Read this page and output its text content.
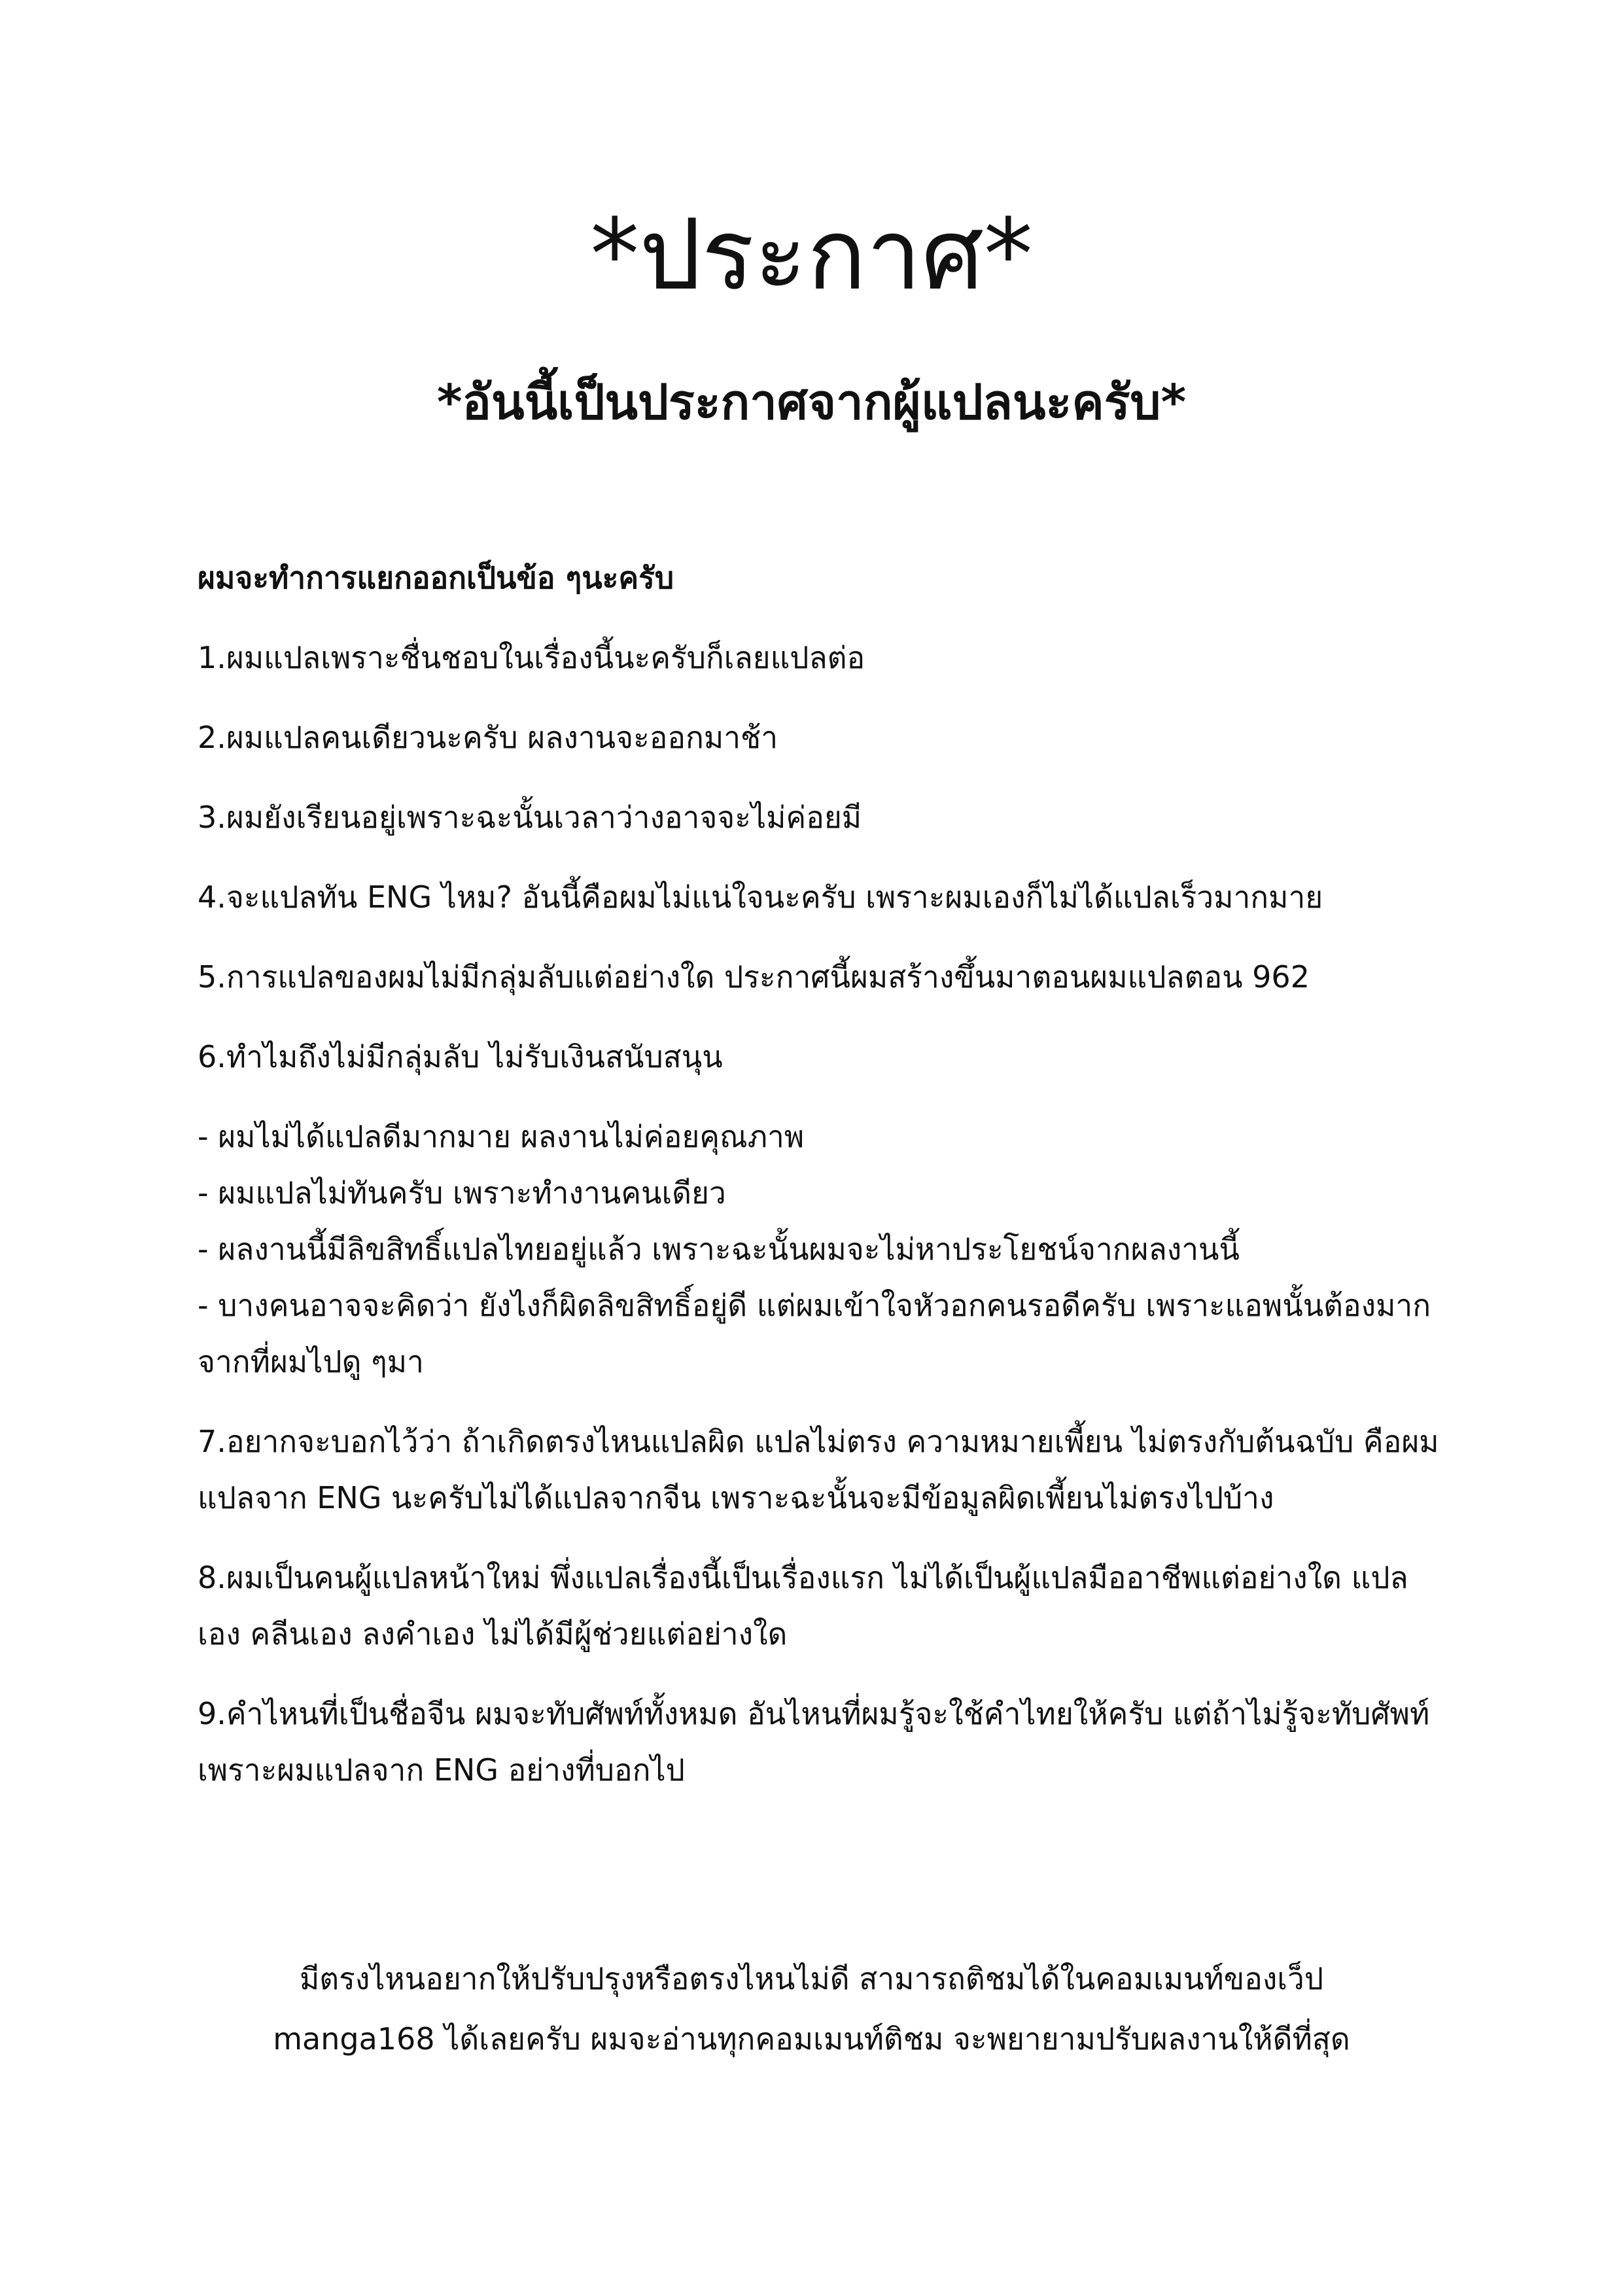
*ประกาศ*
*อันนี้เป็นประกาศจากผู้แปลนะครับ*

ผมจะทำการแยกออกเป็นข้อ ๆนะครับ

1.ผมแปลเพราะชื่นชอบในเรื่องนี้นะครับก็เลยแปลต่อ

2.ผมแปลคนเดียวนะครับ ผลงานจะออกมาช้า

3.ผมยังเรียนอยู่เพราะฉะนั้นเวลาว่างอาจจะไม่ค่อยมี

4.จะแปลทัน ENG ไหม? อันนี้คือผมไม่แน่ใจนะครับ เพราะผมเองก็ไม่ได้แปลเร็วมากมาย

5.การแปลของผมไม่มีกลุ่มลับแต่อย่างใด ประกาศนี้ผมสร้างขึ้นมาตอนผมแปลตอน 962

6.ทำไมถึงไม่มีกลุ่มลับ ไม่รับเงินสนับสนุน

- ผมไม่ได้แปลดีมากมาย ผลงานไม่ค่อยคุณภาพ

- ผมแปลไม่ทันครับ เพราะทำงานคนเดียว

- ผลงานนี้มีลิขสิทธิ์แปลไทยอยู่แล้ว เพราะฉะนั้นผมจะไม่หาประโยชน์จากผลงานนี้

- บางคนอาจจะคิดว่า ยังไงก็ผิดลิขสิทธิ์อยู่ดี แต่ผมเข้าใจหัวอกคนรอดีครับ เพราะแอพนั้นต้องมาก จากที่ผมไปดู ๆมา

7.อยากจะบอกไว้ว่า ถ้าเกิดตรงไหนแปลผิด แปลไม่ตรง ความหมายเพี้ยน ไม่ตรงกับต้นฉบับ คือผมแปลจาก ENG นะครับไม่ได้แปลจากจีน เพราะฉะนั้นจะมีข้อมูลผิดเพี้ยนไม่ตรงไปบ้าง

8.ผมเป็นคนผู้แปลหน้าใหม่ พึ่งแปลเรื่องนี้เป็นเรื่องแรก ไม่ได้เป็นผู้แปลมืออาชีพแต่อย่างใด แปลเอง คลีนเอง ลงคำเอง ไม่ได้มีผู้ช่วยแต่อย่างใด

9.คำไหนที่เป็นชื่อจีน ผมจะทับศัพท์ทั้งหมด อันไหนที่ผมรู้จะใช้คำไทยให้ครับ แต่ถ้าไม่รู้จะทับศัพท์เพราะผมแปลจาก ENG อย่างที่บอกไป

มีตรงไหนอยากให้ปรับปรุงหรือตรงไหนไม่ดี สามารถติชมได้ในคอมเมนท์ของเว็ป

manga168 ได้เลยครับ ผมจะอ่านทุกคอมเมนท์ติชม จะพยายามปรับผลงานให้ดีที่สุด
